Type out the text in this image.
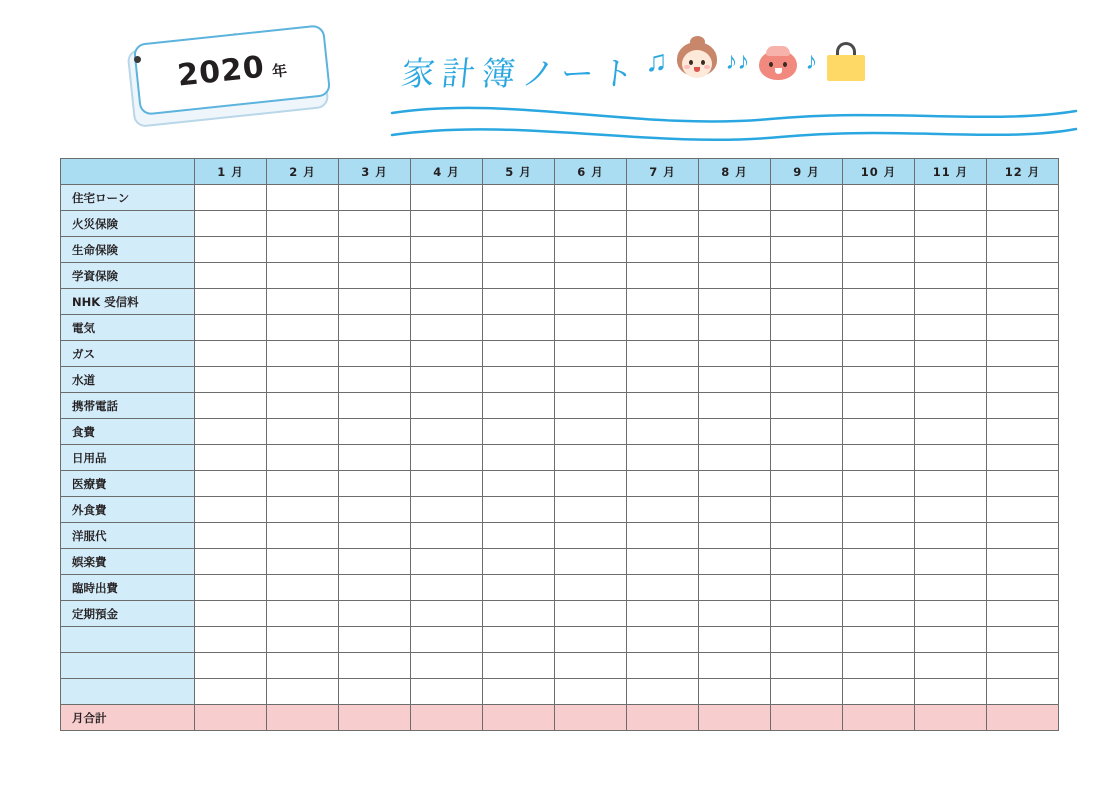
2020 年	家計簿ノート ♫ ♪♪ ♪
	1 月	2 月	3 月	4 月	5 月	6 月	7 月	8 月	9 月	10 月	11 月	12 月
住宅ローン												
火災保険												
生命保険												
学資保険												
NHK 受信料												
電気												
ガス												
水道												
携帯電話												
食費												
日用品												
医療費												
外食費												
洋服代												
娯楽費												
臨時出費												
定期預金												

月合計												
